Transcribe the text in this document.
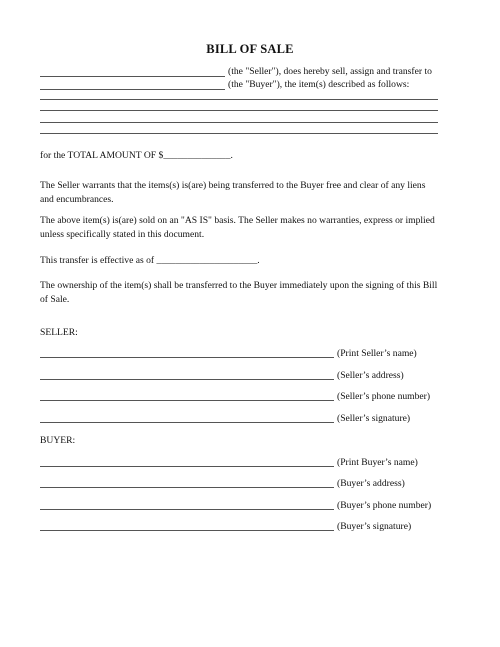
BILL OF SALE
(the "Seller"), does hereby sell, assign and transfer to
(the "Buyer"), the item(s) described as follows:
for the TOTAL AMOUNT OF $______________.
The Seller warrants that the items(s) is(are) being transferred to the Buyer free and clear of any liens and encumbrances.
The above item(s) is(are) sold on an "AS IS" basis. The Seller makes no warranties, express or implied unless specifically stated in this document.
This transfer is effective as of _____________________.
The ownership of the item(s) shall be transferred to the Buyer immediately upon the signing of this Bill of Sale.
SELLER:
(Print Seller’s name)
(Seller’s address)
(Seller’s phone number)
(Seller’s signature)
BUYER:
(Print Buyer’s name)
(Buyer’s address)
(Buyer’s phone number)
(Buyer’s signature)
